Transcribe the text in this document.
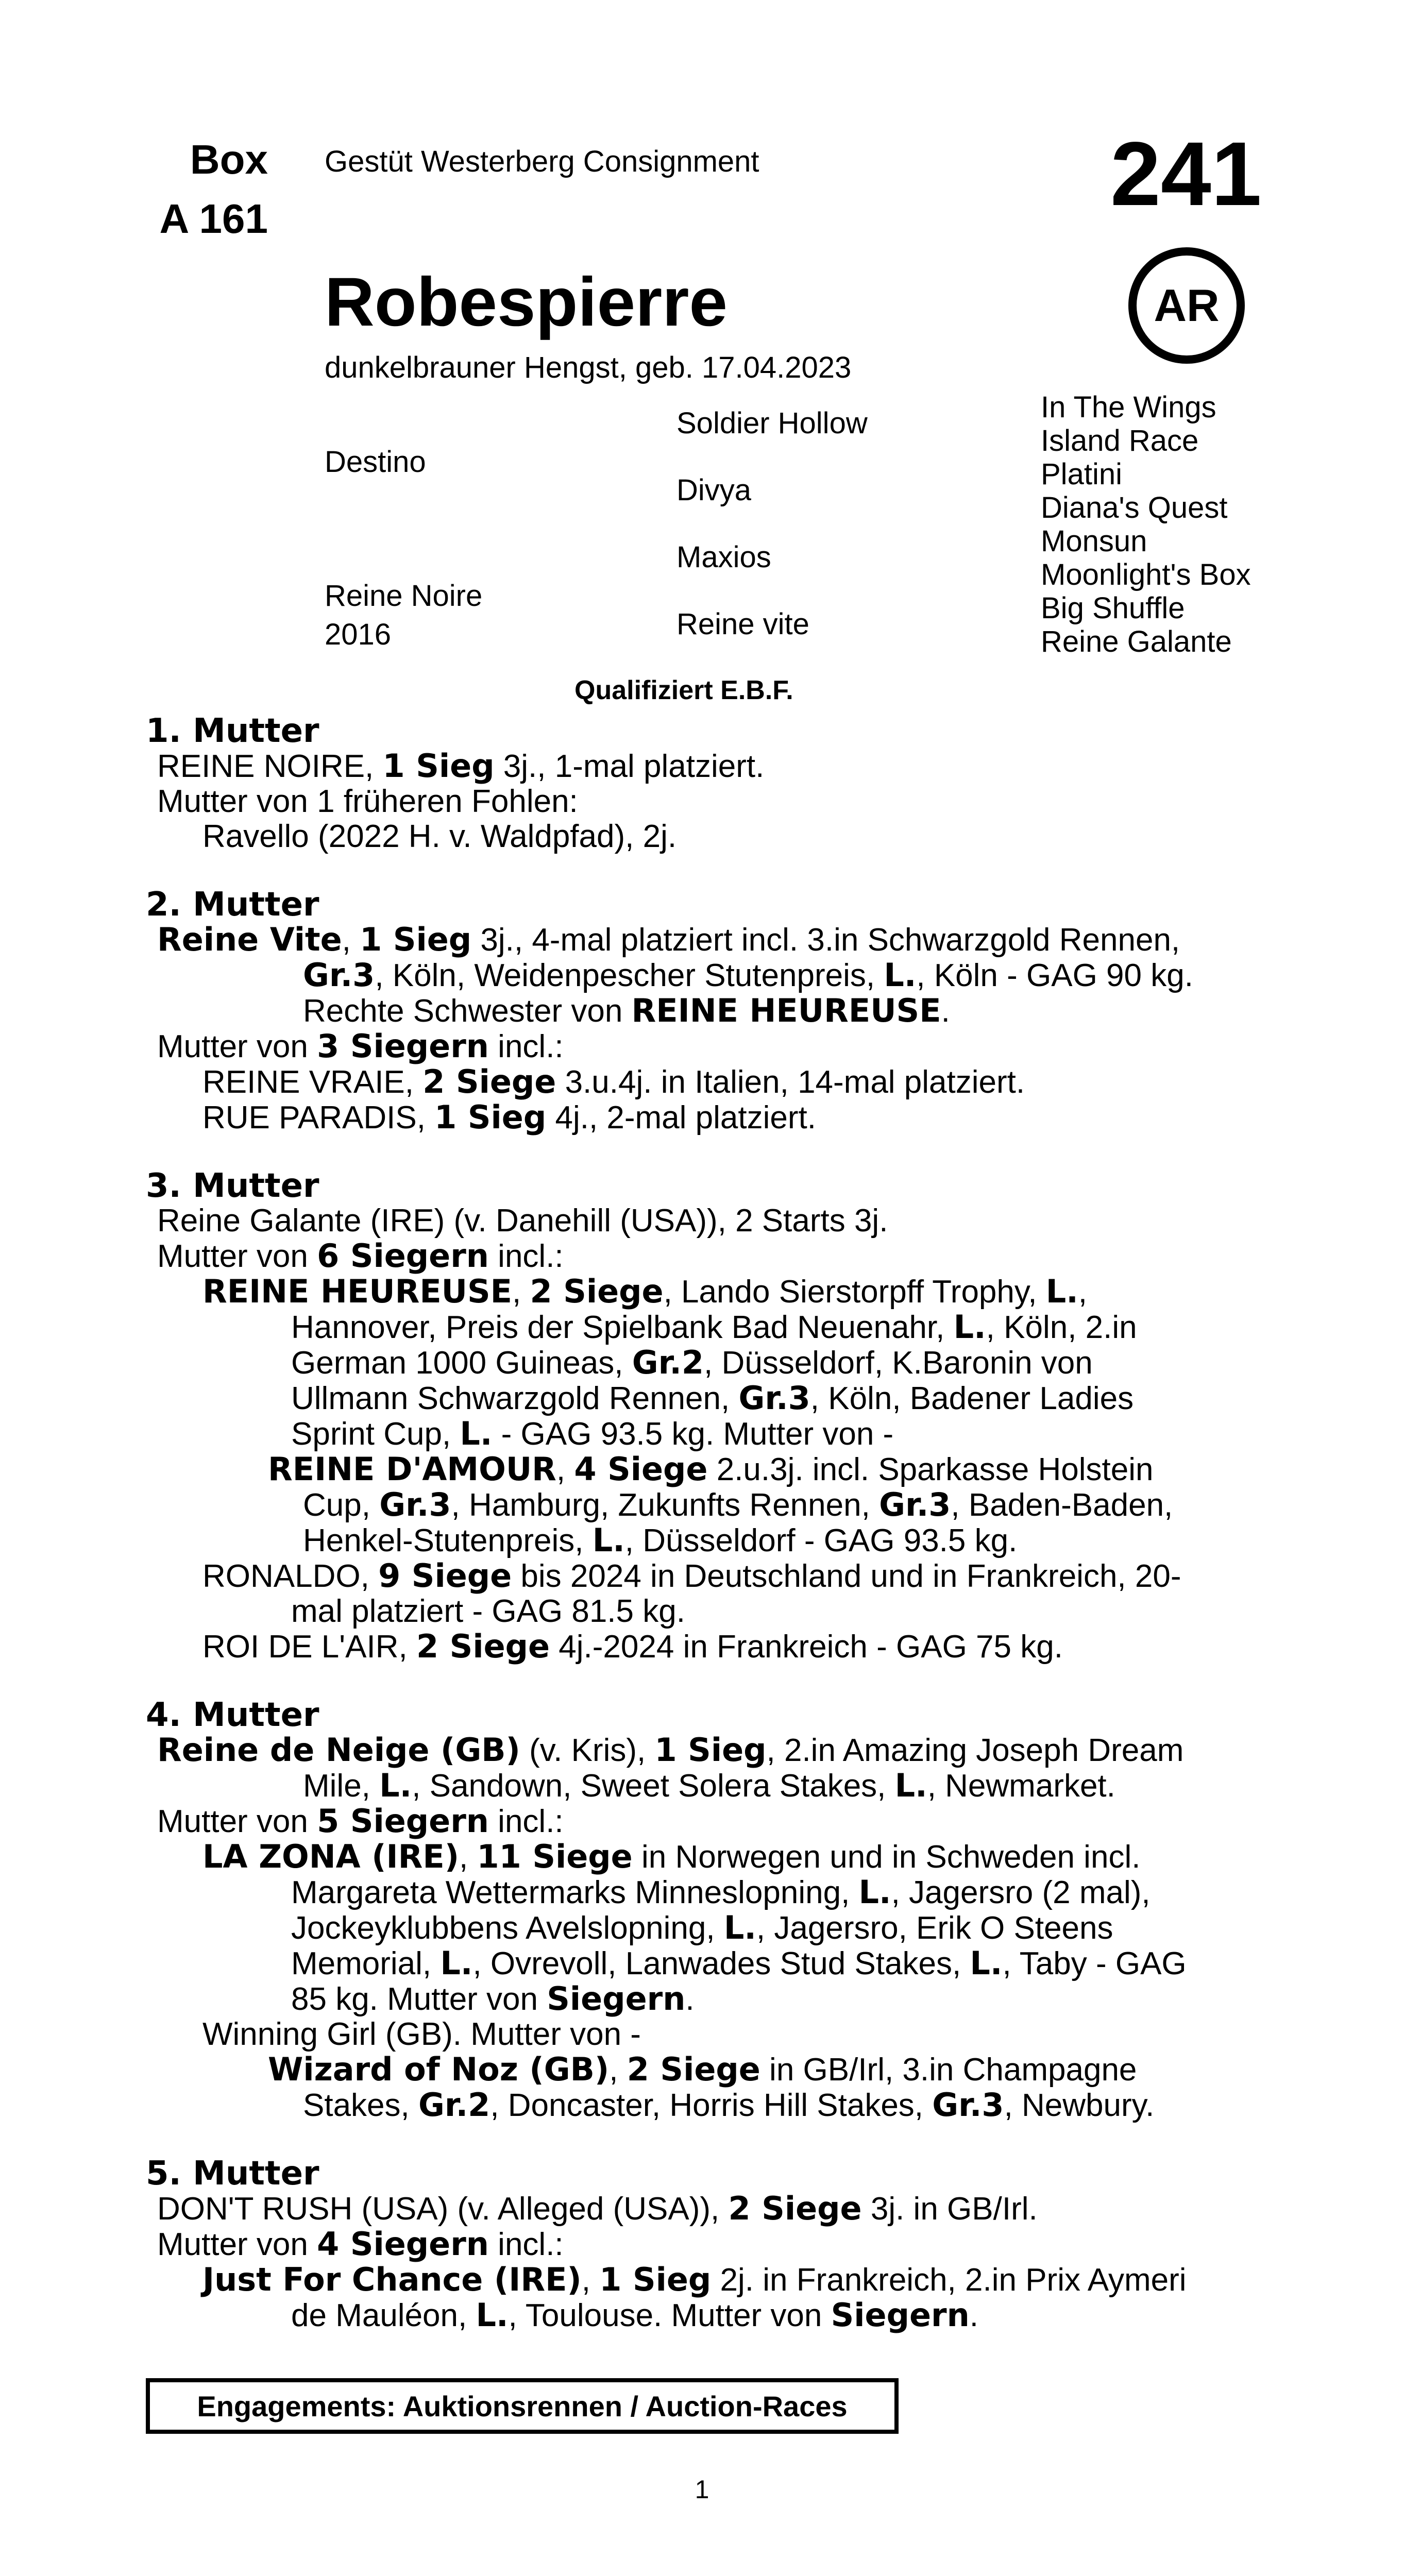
Box
A 161
Gestüt Westerberg Consignment	241
AR
Robespierre
dunkelbrauner Hengst, geb. 17.04.2023
Destino
Reine Noire
2016
Soldier Hollow
Divya
Maxios
Reine vite
In The Wings
Island Race
Platini
Diana's Quest
Monsun
Moonlight's Box
Big Shuffle
Reine Galante
Qualifiziert E.B.F.
1. Mutter
REINE NOIRE, 1 Sieg 3j., 1-mal platziert.
Mutter von 1 früheren Fohlen:
Ravello (2022 H. v. Waldpfad), 2j.
2. Mutter
Reine Vite, 1 Sieg 3j., 4-mal platziert incl. 3.in Schwarzgold Rennen,
Gr.3, Köln, Weidenpescher Stutenpreis, L., Köln - GAG 90 kg.
Rechte Schwester von REINE HEUREUSE.
Mutter von 3 Siegern incl.:
REINE VRAIE, 2 Siege 3.u.4j. in Italien, 14-mal platziert.
RUE PARADIS, 1 Sieg 4j., 2-mal platziert.
3. Mutter
Reine Galante (IRE) (v. Danehill (USA)), 2 Starts 3j.
Mutter von 6 Siegern incl.:
REINE HEUREUSE, 2 Siege, Lando Sierstorpff Trophy, L.,
Hannover, Preis der Spielbank Bad Neuenahr, L., Köln, 2.in
German 1000 Guineas, Gr.2, Düsseldorf, K.Baronin von
Ullmann Schwarzgold Rennen, Gr.3, Köln, Badener Ladies
Sprint Cup, L. - GAG 93.5 kg. Mutter von -
REINE D'AMOUR, 4 Siege 2.u.3j. incl. Sparkasse Holstein
Cup, Gr.3, Hamburg, Zukunfts Rennen, Gr.3, Baden-Baden,
Henkel-Stutenpreis, L., Düsseldorf - GAG 93.5 kg.
RONALDO, 9 Siege bis 2024 in Deutschland und in Frankreich, 20-
mal platziert - GAG 81.5 kg.
ROI DE L'AIR, 2 Siege 4j.-2024 in Frankreich - GAG 75 kg.
4. Mutter
Reine de Neige (GB) (v. Kris), 1 Sieg, 2.in Amazing Joseph Dream
Mile, L., Sandown, Sweet Solera Stakes, L., Newmarket.
Mutter von 5 Siegern incl.:
LA ZONA (IRE), 11 Siege in Norwegen und in Schweden incl.
Margareta Wettermarks Minneslopning, L., Jagersro (2 mal),
Jockeyklubbens Avelslopning, L., Jagersro, Erik O Steens
Memorial, L., Ovrevoll, Lanwades Stud Stakes, L., Taby - GAG
85 kg. Mutter von Siegern.
Winning Girl (GB). Mutter von -
Wizard of Noz (GB), 2 Siege in GB/Irl, 3.in Champagne
Stakes, Gr.2, Doncaster, Horris Hill Stakes, Gr.3, Newbury.
5. Mutter
DON'T RUSH (USA) (v. Alleged (USA)), 2 Siege 3j. in GB/Irl.
Mutter von 4 Siegern incl.:
Just For Chance (IRE), 1 Sieg 2j. in Frankreich, 2.in Prix Aymeri
de Mauléon, L., Toulouse. Mutter von Siegern.
Engagements: Auktionsrennen / Auction-Races
1
